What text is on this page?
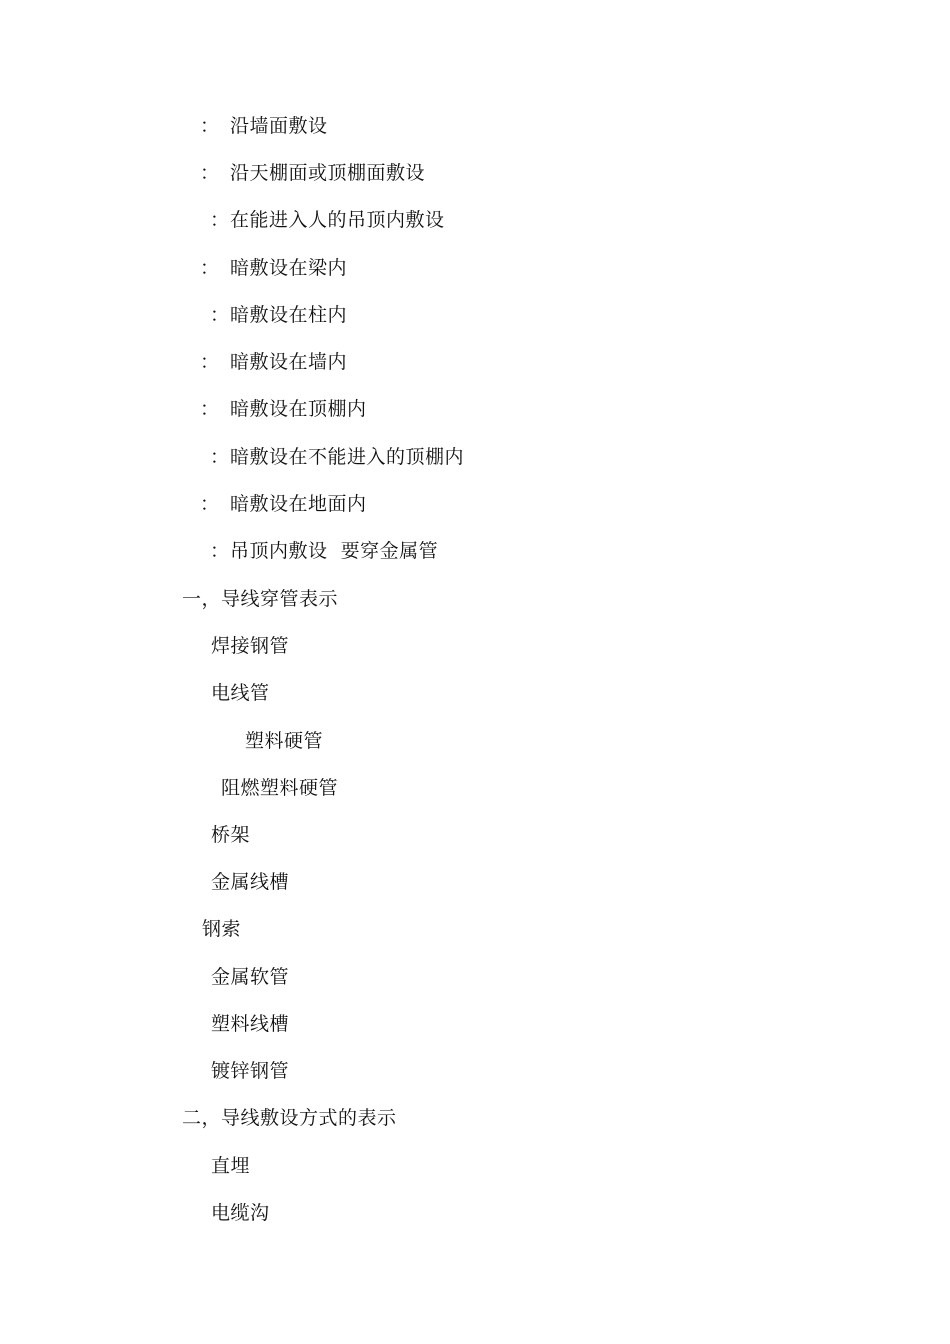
： 沿墙面敷设
： 沿天棚面或顶棚面敷设
： 在能进入人的吊顶内敷设
： 暗敷设在梁内
： 暗敷设在柱内
： 暗敷设在墙内
： 暗敷设在顶棚内
： 暗敷设在不能进入的顶棚内
： 暗敷设在地面内
： 吊顶内敷设  要穿金属管
一，导线穿管表示
焊接钢管
电线管
塑料硬管
阻燃塑料硬管
桥架
金属线槽
钢索
金属软管
塑料线槽
镀锌钢管
二，导线敷设方式的表示
直埋
电缆沟
